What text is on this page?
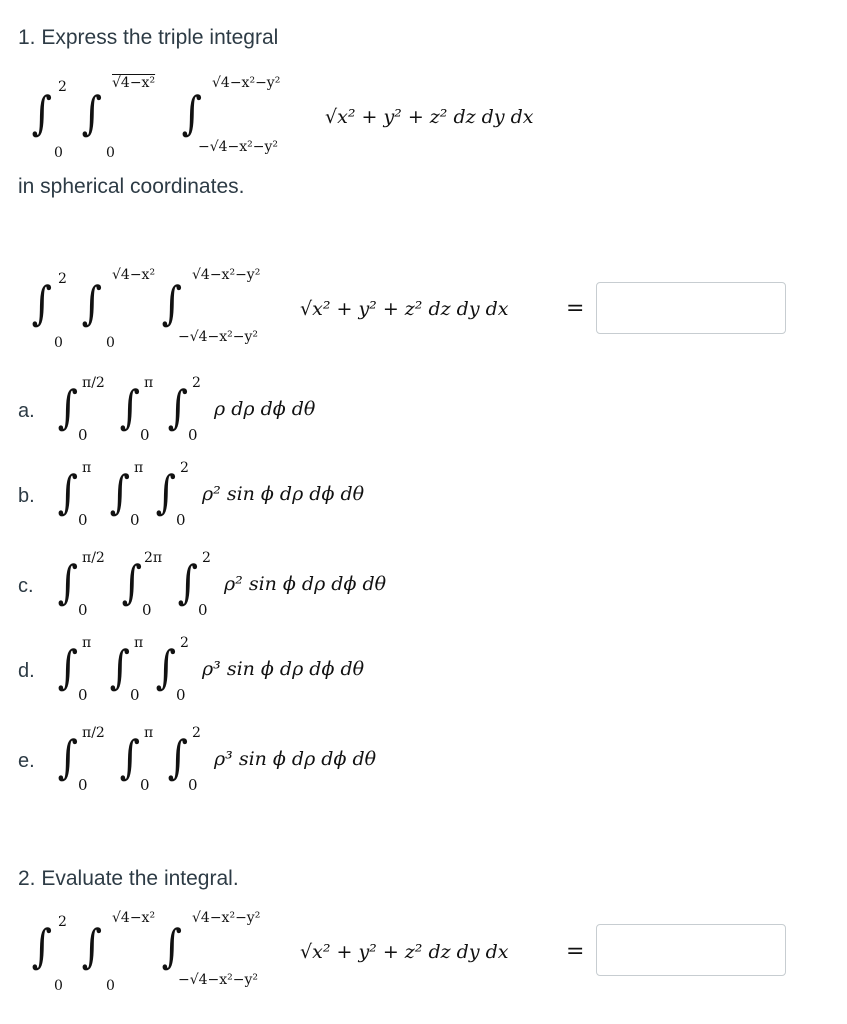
1. Express the triple integral
∫ 2
0
∫
√4−x²
0
∫
√4−x²−y²
−√4−x²−y²
√x² + y² + z² dz dy dx
in spherical coordinates.
∫ 2
0
∫
√4−x²
0
∫
√4−x²−y²
−√4−x²−y²
√x² + y² + z² dz dy dx	=
a. ∫ π/2
0
∫ π
0
∫ 2
0
ρ dρ dϕ dθ
b. ∫ π
0
∫ π
0
∫ 2
0
ρ² sin ϕ dρ dϕ dθ
c. ∫ π/2
0
∫ 2π
0
∫ 2
0
ρ² sin ϕ dρ dϕ dθ
d. ∫ π
0
∫ π
0
∫ 2
0
ρ³ sin ϕ dρ dϕ dθ
e. ∫ π/2
0
∫ π
0
∫ 2
0
ρ³ sin ϕ dρ dϕ dθ
2. Evaluate the integral.
∫ 2
0
∫
√4−x²
0
∫
√4−x²−y²
−√4−x²−y²
√x² + y² + z² dz dy dx	=
